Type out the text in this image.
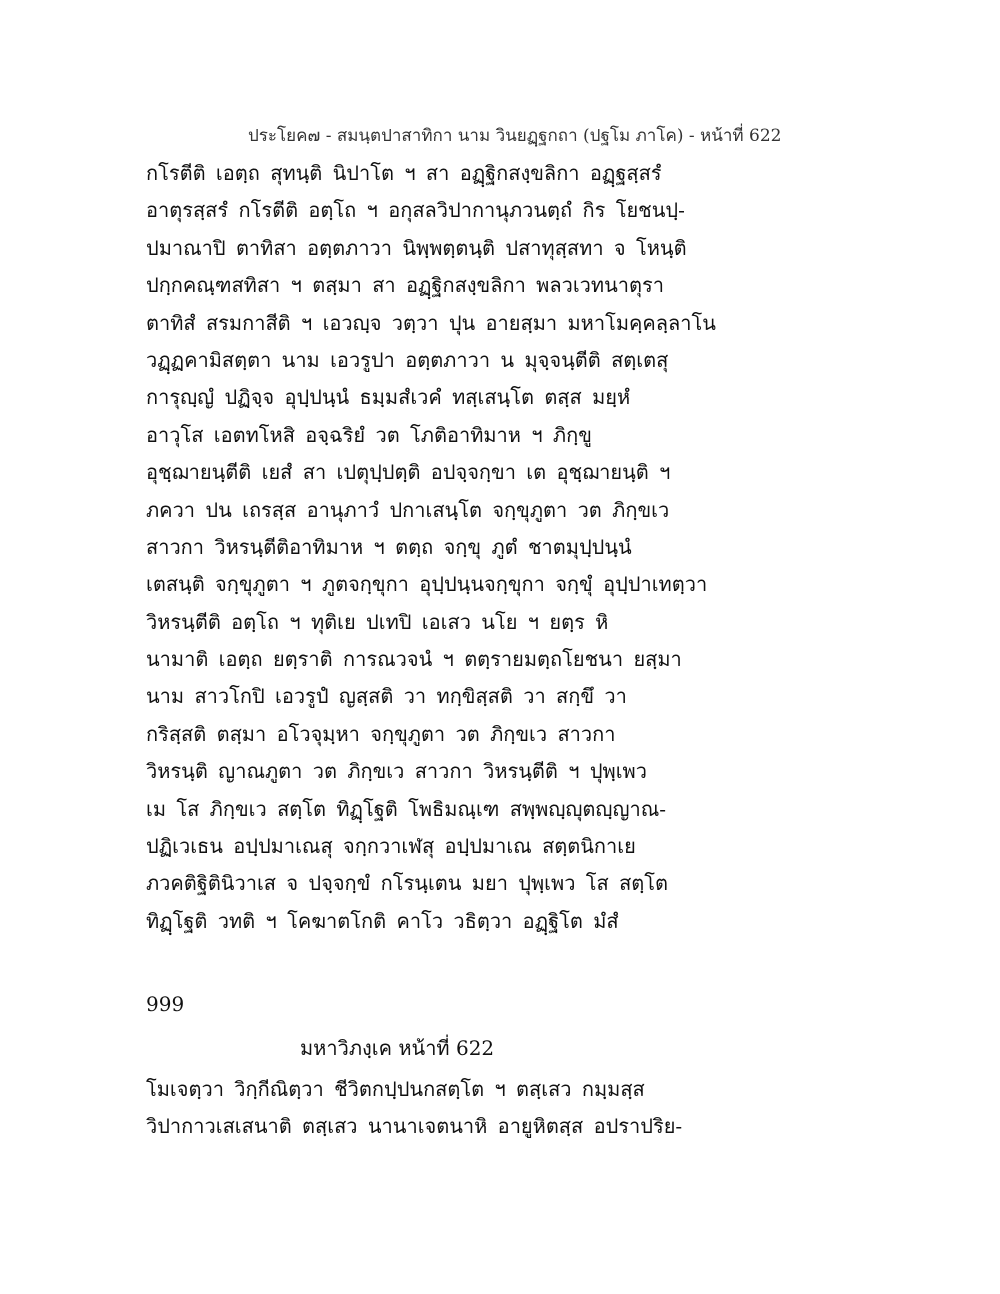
ประโยค๗ - สมนฺตปาสาทิกา นาม วินยฏฺฐกถา (ปฐโม ภาโค) - หน้าที่ 622
กโรตีติ เอตฺถ สุทนฺติ นิปาโต ฯ สา อฏฺฐิกสงฺขลิกา อฏฺฐสฺสรํ
อาตุรสฺสรํ กโรตีติ อตฺโถ ฯ อกุสลวิปากานุภวนตฺถํ กิร โยชนปฺ-
ปมาณาปิ ตาทิสา อตฺตภาวา นิพฺพตฺตนฺติ ปสาทุสฺสทา จ โหนฺติ
ปกฺกคณฺฑสทิสา ฯ ตสฺมา สา อฏฺฐิกสงฺขลิกา พลวเวทนาตุรา
ตาทิสํ สรมกาสีติ ฯ เอวญฺจ วตฺวา ปุน อายสฺมา มหาโมคฺคลฺลาโน
วฏฺฏคามิสตฺตา นาม เอวรูปา อตฺตภาวา น มุจฺจนฺตีติ สตฺเตสุ
การุญฺญํ ปฏิจฺจ อุปฺปนฺนํ ธมฺมสํเวคํ ทสฺเสนฺโต ตสฺส มยฺหํ
อาวุโส เอตทโหสิ อจฺฉริยํ วต โภติอาทิมาห ฯ ภิกฺขู
อุชฺฌายนฺตีติ เยสํ สา เปตุปฺปตฺติ อปจฺจกฺขา เต อุชฺฌายนฺติ ฯ
ภควา ปน เถรสฺส อานุภาวํ ปกาเสนฺโต จกฺขุภูตา วต ภิกฺขเว
สาวกา วิหรนฺตีติอาทิมาห ฯ ตตฺถ จกฺขุ ภูตํ ชาตมุปฺปนฺนํ
เตสนฺติ จกฺขุภูตา ฯ ภูตจกฺขุกา อุปฺปนฺนจกฺขุกา จกฺขุํ อุปฺปาเทตฺวา
วิหรนฺตีติ อตฺโถ ฯ ทุติเย ปเทปิ เอเสว นโย ฯ ยตฺร หิ
นามาติ เอตฺถ ยตฺราติ การณวจนํ ฯ ตตฺรายมตฺถโยชนา ยสฺมา
นาม สาวโกปิ เอวรูปํ ญสฺสติ วา ทกฺขิสฺสติ วา สกฺขึ วา
กริสฺสติ ตสฺมา อโวจุมฺหา จกฺขุภูตา วต ภิกฺขเว สาวกา
วิหรนฺติ ญาณภูตา วต ภิกฺขเว สาวกา วิหรนฺตีติ ฯ ปุพฺเพว
เม โส ภิกฺขเว สตฺโต ทิฏฺโฐติ โพธิมณฺเฑ สพฺพญฺญุตญฺญาณ-
ปฏิเวเธน อปฺปมาเณสุ จกฺกวาเฬสุ อปฺปมาเณ สตฺตนิกาเย
ภวคติฐิตินิวาเส จ ปจฺจกฺขํ กโรนฺเตน มยา ปุพฺเพว โส สตฺโต
ทิฏฺโฐติ วทติ ฯ โคฆาตโกติ คาโว วธิตฺวา อฏฺฐิโต มํสํ
999
มหาวิภงฺเค หน้าที่ 622
โมเจตฺวา วิกฺกีณิตฺวา ชีวิตกปฺปนกสตฺโต ฯ ตสฺเสว กมฺมสฺส
วิปากาวเสเสนาติ ตสฺเสว นานาเจตนาหิ อายูหิตสฺส อปราปริย-
